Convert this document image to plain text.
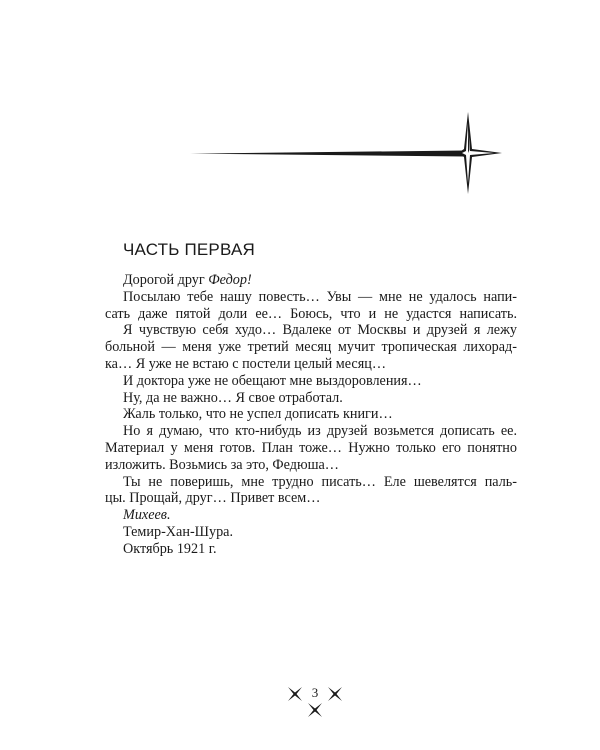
ЧАСТЬ ПЕРВАЯ
Дорогой друг Федор!
Посылаю тебе нашу повесть… Увы — мне не удалось напи-
сать даже пятой доли ее… Боюсь, что и не удастся написать.
Я чувствую себя худо… Вдалеке от Москвы и друзей я лежу
больной — меня уже третий месяц мучит тропическая лихорад-
ка… Я уже не встаю с постели целый месяц…
И доктора уже не обещают мне выздоровления…
Ну, да не важно… Я свое отработал.
Жаль только, что не успел дописать книги…
Но я думаю, что кто-нибудь из друзей возьмется дописать ее.
Материал у меня готов. План тоже… Нужно только его понятно
изложить. Возьмись за это, Федюша…
Ты не поверишь, мне трудно писать… Еле шевелятся паль-
цы. Прощай, друг… Привет всем…
Михеев.
Темир-Хан-Шура.
Октябрь 1921 г.
3
